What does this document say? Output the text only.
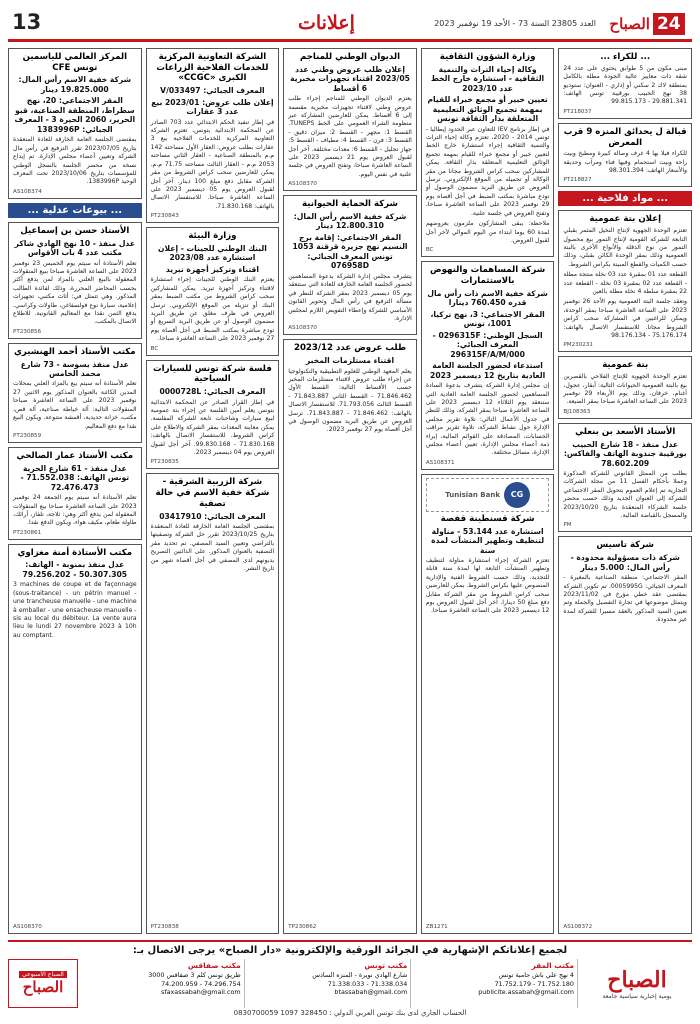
24
الصباح
العدد 23805 السنة 73 - الأحد 19 نوفمبر 2023
إعلانات
13
... للكراء ...

مبنى مكون من 5 طوابق يحتوي على عدد 24 شقة ذات معايير عالية الجودة مطلة بالكامل بمنطقة لاك 2 سكني أو إداري - العنوان: ستوديو 38 نهج الحبيب بورقيبة تونس الهاتف: 29.881.341 - 99.815.173

PT218037
قبالة ل يحدائق المنزه 9 قرب المعرض

للكراء فيلا بها 4 غرف وصالة كبيرة ومطبخ وبيت راحة وبيت استحمام وفيها فناء ومرآب وحديقة والأسعار الهاتف: 98.301.394

PT218827
... مواد فلاحية ...
إعلان بتة عمومية

تعتزم الوحدة الجهوية لإنتاج النخيل المثمر بقبلي التابعة للشركة القومية لإنتاج التمور بيع محصول التمور من نوع الدقلة والأنواع الأخرى بالبتة العمومية وذلك بمقر الوحدة الكائن بقبلي، وذلك حسب الكميات والقطع المبينة بكراس الشروط.

القطعة عدد 01 بمقبرة عدد 03 نخلة منتجة مطلة - القطعة عدد 02 بمقبرة 03 نخلة - القطعة عدد 22 بمقبرة سلطة 4 نخلة مطلة بالعين

وتعقد جلسة البتة العمومية يوم الأحد 26 نوفمبر 2023 على الساعة العاشرة صباحا بمقر الوحدة، ويمكن للراغبين في المشاركة سحب كراس الشروط مجانا. للاستفسار الاتصال بالهاتف: 75.176.174 - 98.176.134

PM230231
بتة عمومية

تعتزم الوحدة الجهوية للإنتاج الفلاحي بالقصرين بيع بالبتة العمومية الحيوانات التالية: أبقار، عجول، أغنام، خرفان، وذلك يوم الأربعاء 29 نوفمبر 2023 على الساعة العاشرة صباحا بمقر الضيعة.

BJ108363
الأستاذ الأسعد بن بنعلي
عدل منفذ - 18 شارع الحبيب بورقيبة جندوبة الهاتف والفاكس: 78.602.209

بطلب من الممثل القانوني للشركة المذكورة وعملا بأحكام الفصل 11 من مجلة الشركات التجارية تم إعلام العموم بتحويل المقر الاجتماعي للشركة إلى العنوان الجديد وذلك حسب محضر جلسة الشركاء المنعقدة بتاريخ 2023/10/20 والمسجل بالقباضة المالية.

PM
شركة تاسيس
شركة ذات مسؤولية محدودة - رأس المال: 5.000 دينار

المقر الاجتماعي: منطقة الصناعية بالمغيرة - المعرف الجبائي: 0005995G. تم تكوين الشركة بمقتضى عقد خطي مؤرخ في 2023/11/02 ويتمثل موضوعها في تجارة التفصيل والجملة وتم تعيين السيد المذكور بالعقد مسيرا للشركة لمدة غير محدودة.

AS108372
وزارة الشؤون الثقافية
وكالة إحياء التراث والتنمية الثقافية - استشارة خارج الخط عدد 2023/10
تعيين خبير أو مجمع خبراء للقيام بمهمة تجميع الوثائق التعليمية المتعلقة بدار الثقافة تونس

في إطار برنامج IEV للتعاون عبر الحدود إيطاليا - تونس 2014 - 2020، تعتزم وكالة إحياء التراث والتنمية الثقافية إجراء استشارة خارج الخط لتعيين خبير أو مجمع خبراء للقيام بمهمة تجميع الوثائق التعليمية المتعلقة بدار الثقافة. يمكن للمشاركين سحب كراس الشروط مجانا من مقر الوكالة أو تحميله من الموقع الإلكتروني. ترسل العروض عن طريق البريد مضمون الوصول أو تودع مباشرة بمكتب الضبط في أجل أقصاه يوم 29 نوفمبر 2023 على الساعة العاشرة صباحا، وتفتح العروض في جلسة علنية.

ملاحظة: يبقى المشاركون ملزمون بعروضهم لمدة 60 يوما ابتداء من اليوم الموالي لآخر أجل لقبول العروض.

BC
شركة المساهمات والنهوض بالاستثمارات
شركة خفية الاسم ذات رأس مال قدره 760.450 دينارا
المقر الاجتماعي: 3، نهج تركيا، 1001، تونس
السجل الوطني: 0296315F - المعرف الجبائي: 296315F/A/M/000
استدعاء لحضور الجلسة العامة العادية بتاريخ 12 ديسمبر 2023

إن مجلس إدارة الشركة يتشرف بدعوة السادة المساهمين لحضور الجلسة العامة العادية التي ستنعقد يوم الثلاثاء 12 ديسمبر 2023 على الساعة العاشرة صباحا بمقر الشركة، وذلك للنظر في جدول الأعمال التالي: تلاوة تقرير مجلس الإدارة حول نشاط الشركة، تلاوة تقرير مراقب الحسابات، المصادقة على القوائم المالية، إبراء ذمة أعضاء مجلس الإدارة، تعيين أعضاء مجلس الإدارة، مسائل مختلفة.

AS108371
CG
Tunisian Bank
شركة قسنطينة قفصة
استشارة عدد 53.144 - مناولة لتنظيف وتطهير المنشآت لمدة سنة

تعتزم الشركة إجراء استشارة مناولة لتنظيف وتطهير المنشآت التابعة لها لمدة سنة قابلة للتجديد، وذلك حسب الشروط الفنية والإدارية المنصوص عليها بكراس الشروط. يمكن للعارضين سحب كراس الشروط من مقر الشركة مقابل دفع مبلغ 50 دينارا. آخر أجل لقبول العروض يوم 12 ديسمبر 2023 على الساعة العاشرة صباحا.

ZB1271
الديوان الوطني للمناجم
إعلان طلب عروض وطني عدد 2023/05 اقتناء تجهيزات مخبرية 6 أقساط

يعتزم الديوان الوطني للمناجم إجراء طلب عروض وطني لاقتناء تجهيزات مخبرية مقسمة إلى 6 أقساط. يمكن للعارضين المشاركة عبر منظومة الشراء العمومي على الخط TUNEPS. القسط 1: مجهر - القسط 2: ميزان دقيق - القسط 3: فرن - القسط 4: مطياف - القسط 5: جهاز تحليل - القسط 6: معدات مختلفة. آخر أجل لقبول العروض يوم 21 ديسمبر 2023 على الساعة العاشرة صباحا، وتفتح العروض في جلسة علنية في نفس اليوم.

AS108370
شركة الحماية الحيوانية
شركة خفية الاسم رأس المال: 12.800.310 دينار
المقر الاجتماعي: إقامة برج النسيم نهج جزيرة قرقنة 1053 تونس المعرف الجبائي: 076958D

يتشرف مجلس إدارة الشركة بدعوة المساهمين لحضور الجلسة العامة الخارقة للعادة التي ستنعقد يوم 05 ديسمبر 2023 بمقر الشركة للنظر في مسألة الترفيع في رأس المال وتحوير القانون الأساسي للشركة وإعطاء التفويض اللازم لمجلس الإدارة.

AS108370
طلب عروض عدد 2023/12
اقتناء مستلزمات المخبر

يعلم المعهد الوطني للعلوم التطبيقية والتكنولوجيا عن إجراء طلب عروض لاقتناء مستلزمات المخبر حسب الأقساط التالية: القسط الأول 71.846.462 - القسط الثاني 71.843.887 - القسط الثالث 71.793.056. للاستفسار الاتصال بالهاتف: 71.846.462 - 71.843.887. ترسل العروض عن طريق البريد مضمون الوصول في أجل أقصاه يوم 27 نوفمبر 2023.

TP230862
الشركة التعاونية المركزية للخدمات الفلاحية الزراعات الكبرى «CCGC»
المعرف الجبائي: 033497/V
إعلان طلب عروض: 2023/01 بيع عدد 3 عقارات

في إطار تنفيذ الحكم الابتدائي عدد 703 الصادر عن المحكمة الابتدائية بتونس، تعتزم الشركة التعاونية المركزية للخدمات الفلاحية بيع 3 عقارات بطلب عروض: العقار الأول مساحته 142 م.م بالمنطقة الصناعية - العقار الثاني مساحته 2053 م.م - العقار الثالث مساحته 71.75 م.م. يمكن للعارضين سحب كراس الشروط من مقر الشركة مقابل دفع مبلغ 100 دينار. آخر أجل لقبول العروض يوم 05 ديسمبر 2023 على الساعة العاشرة صباحا. للاستفسار الاتصال بالهاتف: 71.830.168.

PT230843
وزارة البيئة
البنك الوطني للجينات - إعلان استشارة عدد 2023/08
اقتناء وتركيز أجهزة تبريد

يعتزم البنك الوطني للجينات إجراء استشارة لاقتناء وتركيز أجهزة تبريد. يمكن للمشاركين سحب كراس الشروط من مكتب الضبط بمقر البنك أو تنزيله من الموقع الإلكتروني. ترسل العروض في ظرف مغلق عن طريق البريد مضمون الوصول أو عن طريق البريد السريع أو تودع مباشرة بمكتب الضبط في أجل أقصاه يوم 27 نوفمبر 2023 على الساعة العاشرة صباحا.

BC
فلسة شركة تونس للسيارات السياحية
المعرف الجبائي: 0000728L

في إطار القرار الصادر عن المحكمة الابتدائية بتونس يعلم أمين الفلسة عن إجراء بتة عمومية لبيع سيارات وشاحنات تابعة للشركة المفلسة. يمكن معاينة المعدات بمقر الشركة والاطلاع على كراس الشروط. للاستفسار الاتصال بالهاتف: 71.830.168 - 99.830.168. آخر أجل لقبول العروض يوم 04 ديسمبر 2023.

PT230835
شركة الزربية الشرقية - شركة خفية الاسم في حالة تصفية
المعرف الجبائي: 03417910

بمقتضى الجلسة العامة الخارقة للعادة المنعقدة بتاريخ 2023/10/25 تقرر حل الشركة وتصفيتها بالتراضي وتعيين السيد المصفي. تم تحديد مقر التصفية بالعنوان المذكور. على الدائنين التصريح بديونهم لدى المصفي في أجل أقصاه شهر من تاريخ النشر.

PT230838
المركز العالمي للياسمين تونس CFE
شركة خفية الاسم رأس المال: 19.825.000 دينار
المقر الاجتماعي: 20، نهج سطراط، المنطقة الصناعية، قبو الحرير، 2060 الحيرة 3 - المعرف الجبائي: 1383996P

بمقتضى الجلسة العامة الخارقة للعادة المنعقدة بتاريخ 2023/07/05 تقرر الترفيع في رأس مال الشركة وتعيين أعضاء مجلس الإدارة. تم إيداع نسخة من محضر الجلسة بالسجل الوطني للمؤسسات بتاريخ 2023/10/06 تحت المعرف الوحيد 1383996P.

AS108374
... بيوعات عدلية ...
الأستاذ حسن بن إسماعيل
عدل منفذ - 10 نهج الهادي شاكر مكتب عدد 4 باب الأقواس

تعلم الأستاذة أنه سيتم يوم الخميس 23 نوفمبر 2023 على الساعة العاشرة صباحا ببيع المنقولات المعقولة بالبيع العلني بالمزاد لمن يدفع أكثر بحسب المحاضر المحررة، وذلك لفائدة الطالب المذكور. وهي تتمثل في: أثاث مكتبي، تجهيزات إعلامية، سيارة نوع فولسفاغن، طاولات وكراسي. يدفع الثمن نقدا مع المعاليم القانونية. للاطلاع الاتصال بالمكتب.

PT230856
مكتب الأستاذ أحمد الهنشيري
عدل منفذ بسوسة - 73 شارع محمد الخامس

تعلم الأستاذة أنه سيتم بيع بالمزاد العلني بمحلات المدين الكائنة بالعنوان المذكور يوم الاثنين 27 نوفمبر 2023 على الساعة العاشرة صباحا المنقولات التالية: آلة خياطة صناعية، آلة قص، مكتب، خزانة حديدية، أقمشة متنوعة. ويكون البيع نقدا مع دفع المعاليم.

PT230859
مكتب الأستاذ عمار الصالحي
عدل منفذ - 61 شارع الحرية تونس الهاتف: 71.552.038 - 72.476.473

تعلم الأستاذة أنه سيتم يوم الجمعة 24 نوفمبر 2023 على الساعة العاشرة صباحا بيع المنقولات المعقولة لمن يدفع أكثر وهي: ثلاجة، تلفاز، أرائك، طاولة طعام، مكيف هواء، ويكون الدفع نقدا.

PT230861
مكتب الأستاذة أمنة مغزاوي
عدل منفذ بمنوبة - الهاتف: 50.307.305 - 79.256.202

3 machines de coupe et de façonnage (sous-traitance) - un pétrin manuel - une trancheuse manuelle - une machine à emballer - une ensacheuse manuelle - sis au local du débiteur. La vente aura lieu le lundi 27 novembre 2023 à 10h au comptant.

AS108370
لجميع إعلاناتكم الإشهارية في الجرائد الورقية والإلكترونية «دار الصباح» يرجى الاتصال بـ:
الصباح
يومية إخبارية سياسية جامعة
مكتب المقر
4 نهج علي باش حامبة تونس
71.752.179 - 71.752.180
publicite.assabah@gmail.com
مكتب تونس
شارع الهادي نويرة - المنزه السادس
71.338.033 - 71.338.034
btassabah@gmail.com
مكتب صفاقس
طريق تونس كلم 3 صفاقس 3000
74.200.959 - 74.296.754
sfaxassabah@gmail.com
الصباح الأسبوعي
الصباح
0830700059 1097 328450 : الحساب الجاري لدى بنك تونس العربي الدولي
